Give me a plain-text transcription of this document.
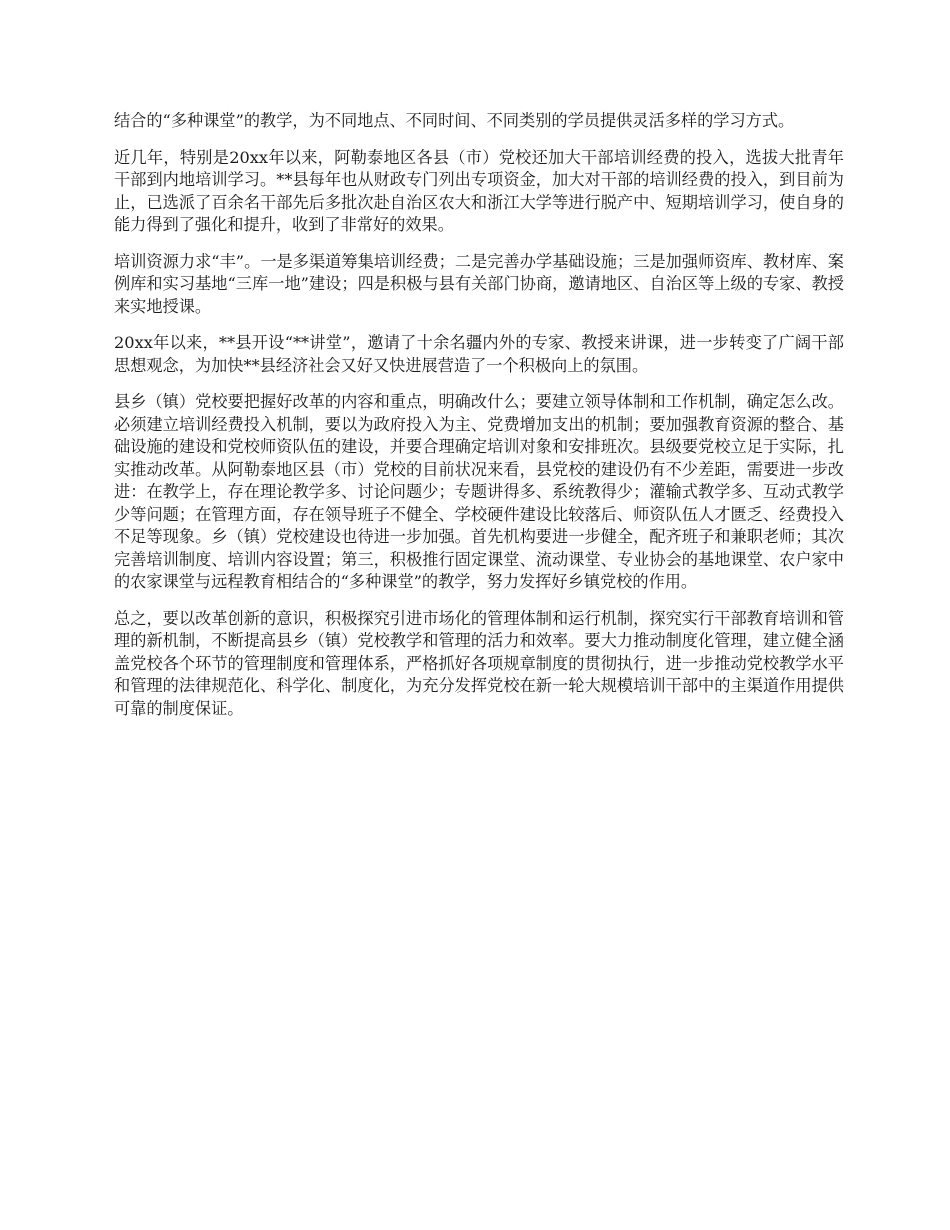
结合的“多种课堂”的教学，为不同地点、不同时间、不同类别的学员提供灵活多样的学习方式。

近几年，特别是20xx年以来，阿勒泰地区各县（市）党校还加大干部培训经费的投入，选拔大批青年干部到内地培训学习。**县每年也从财政专门列出专项资金，加大对干部的培训经费的投入，到目前为止，已选派了百余名干部先后多批次赴自治区农大和浙江大学等进行脱产中、短期培训学习，使自身的能力得到了强化和提升，收到了非常好的效果。

培训资源力求“丰”。一是多渠道筹集培训经费；二是完善办学基础设施；三是加强师资库、教材库、案例库和实习基地“三库一地”建设；四是积极与县有关部门协商，邀请地区、自治区等上级的专家、教授来实地授课。

20xx年以来，**县开设“**讲堂”，邀请了十余名疆内外的专家、教授来讲课，进一步转变了广阔干部思想观念，为加快**县经济社会又好又快进展营造了一个积极向上的氛围。

县乡（镇）党校要把握好改革的内容和重点，明确改什么；要建立领导体制和工作机制，确定怎么改。必须建立培训经费投入机制，要以为政府投入为主、党费增加支出的机制；要加强教育资源的整合、基础设施的建设和党校师资队伍的建设，并要合理确定培训对象和安排班次。县级要党校立足于实际，扎实推动改革。从阿勒泰地区县（市）党校的目前状况来看，县党校的建设仍有不少差距，需要进一步改进：在教学上，存在理论教学多、讨论问题少；专题讲得多、系统教得少；灌输式教学多、互动式教学少等问题；在管理方面，存在领导班子不健全、学校硬件建设比较落后、师资队伍人才匮乏、经费投入不足等现象。乡（镇）党校建设也待进一步加强。首先机构要进一步健全，配齐班子和兼职老师；其次完善培训制度、培训内容设置；第三，积极推行固定课堂、流动课堂、专业协会的基地课堂、农户家中的农家课堂与远程教育相结合的“多种课堂”的教学，努力发挥好乡镇党校的作用。

总之，要以改革创新的意识，积极探究引进市场化的管理体制和运行机制，探究实行干部教育培训和管理的新机制，不断提高县乡（镇）党校教学和管理的活力和效率。要大力推动制度化管理，建立健全涵盖党校各个环节的管理制度和管理体系，严格抓好各项规章制度的贯彻执行，进一步推动党校教学水平和管理的法律规范化、科学化、制度化，为充分发挥党校在新一轮大规模培训干部中的主渠道作用提供可靠的制度保证。
